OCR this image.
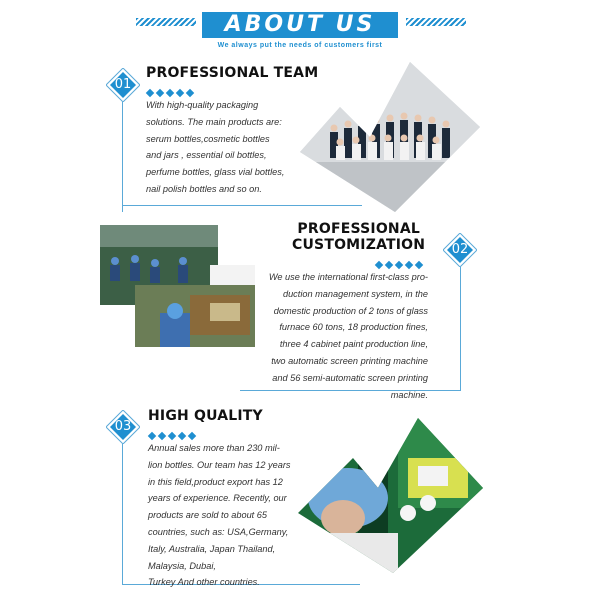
ABOUT US
We always put the needs of customers first
01
PROFESSIONAL TEAM
With high-quality packaging
solutions. The main products are:
serum bottles,cosmetic bottles
and jars , essential oil bottles,
perfume bottles, glass vial bottles,
nail polish bottles and so on.
PROFESSIONAL
CUSTOMIZATION	02
We use the international first-class pro-
duction management system, in the
domestic production of 2 tons of glass
furnace 60 tons, 18 production fines,
three 4 cabinet paint production line,
two automatic screen printing machine
and 56 semi-automatic screen printing
machine.
03
HIGH QUALITY
Annual sales more than 230 mil-
lion bottles. Our team has 12 years
in this field,product export has 12
years of experience. Recently, our
products are sold to about 65
countries, such as: USA,Germany,
Italy, Australia, Japan Thailand,
Malaysia, Dubai,
Turkey And other countries.
